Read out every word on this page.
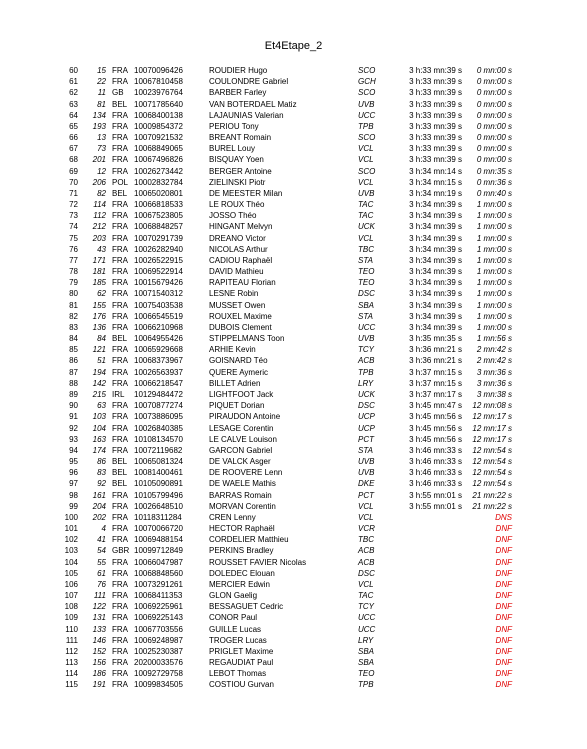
Et4Etape_2
60	15 FRA 10070096426	ROUDIER Hugo	SCO	3 h:33 mn:39 s	0 mn:00 s
61	22 FRA 10067810458	COULONDRE Gabriel	GCH	3 h:33 mn:39 s	0 mn:00 s
62	11 GB	10023976764	BARBER Farley	SCO	3 h:33 mn:39 s	0 mn:00 s
63	81 BEL 10071785640	VAN BOTERDAEL Matiz	UVB	3 h:33 mn:39 s	0 mn:00 s
64	134 FRA 10068400138	LAJAUNIAS Valerian	UCC	3 h:33 mn:39 s	0 mn:00 s
65	193 FRA 10009854372	PERIOU Tony	TPB	3 h:33 mn:39 s	0 mn:00 s
66	13 FRA 10070921532	BREANT Romain	SCO	3 h:33 mn:39 s	0 mn:00 s
67	73 FRA 10068849065	BUREL Louy	VCL	3 h:33 mn:39 s	0 mn:00 s
68	201 FRA 10067496826	BISQUAY Yoen	VCL	3 h:33 mn:39 s	0 mn:00 s
69	12 FRA 10026273442	BERGER Antoine	SCO	3 h:34 mn:14 s	0 mn:35 s
70	206 POL 10002832784	ZIELINSKI Piotr	VCL	3 h:34 mn:15 s	0 mn:36 s
71	82 BEL 10065020801	DE MEESTER Milan	UVB	3 h:34 mn:19 s	0 mn:40 s
72	114 FRA 10066818533	LE ROUX Théo	TAC	3 h:34 mn:39 s	1 mn:00 s
73	112 FRA 10067523805	JOSSO Théo	TAC	3 h:34 mn:39 s	1 mn:00 s
74	212 FRA 10068848257	HINGANT Melvyn	UCK	3 h:34 mn:39 s	1 mn:00 s
75	203 FRA 10070291739	DREANO Victor	VCL	3 h:34 mn:39 s	1 mn:00 s
76	43 FRA 10026282940	NICOLAS Arthur	TBC	3 h:34 mn:39 s	1 mn:00 s
77	171 FRA 10026522915	CADIOU Raphaël	STA	3 h:34 mn:39 s	1 mn:00 s
78	181 FRA 10069522914	DAVID Mathieu	TEO	3 h:34 mn:39 s	1 mn:00 s
79	185 FRA 10015679426	RAPITEAU Florian	TEO	3 h:34 mn:39 s	1 mn:00 s
80	62 FRA 10071540312	LESNE Robin	DSC	3 h:34 mn:39 s	1 mn:00 s
81	155 FRA 10075403538	MUSSET Owen	SBA	3 h:34 mn:39 s	1 mn:00 s
82	176 FRA 10066545519	ROUXEL Maxime	STA	3 h:34 mn:39 s	1 mn:00 s
83	136 FRA 10066210968	DUBOIS Clement	UCC	3 h:34 mn:39 s	1 mn:00 s
84	84 BEL 10064955426	STIPPELMANS Toon	UVB	3 h:35 mn:35 s	1 mn:56 s
85	121 FRA 10065929668	ARHIE Kevin	TCY	3 h:36 mn:21 s	2 mn:42 s
86	51 FRA 10068373967	GOISNARD Téo	ACB	3 h:36 mn:21 s	2 mn:42 s
87	194 FRA 10026563937	QUERE Aymeric	TPB	3 h:37 mn:15 s	3 mn:36 s
88	142 FRA 10066218547	BILLET Adrien	LRY	3 h:37 mn:15 s	3 mn:36 s
89	215 IRL	10129484472	LIGHTFOOT Jack	UCK	3 h:37 mn:17 s	3 mn:38 s
90	63 FRA 10070877274	PIQUET Dorian	DSC	3 h:45 mn:47 s	12 mn:08 s
91	103 FRA 10073886095	PIRAUDON Antoine	UCP	3 h:45 mn:56 s	12 mn:17 s
92	104 FRA 10026840385	LESAGE Corentin	UCP	3 h:45 mn:56 s	12 mn:17 s
93	163 FRA 10108134570	LE CALVE Louison	PCT	3 h:45 mn:56 s	12 mn:17 s
94	174 FRA 10072119682	GARCON Gabriel	STA	3 h:46 mn:33 s	12 mn:54 s
95	86 BEL 10065081324	DE VALCK Asger	UVB	3 h:46 mn:33 s	12 mn:54 s
96	83 BEL 10081400461	DE ROOVERE Lenn	UVB	3 h:46 mn:33 s	12 mn:54 s
97	92 BEL 10105090891	DE WAELE Mathis	DKE	3 h:46 mn:33 s	12 mn:54 s
98	161 FRA 10105799496	BARRAS Romain	PCT	3 h:55 mn:01 s	21 mn:22 s
99	204 FRA 10026648510	MORVAN Corentin	VCL	3 h:55 mn:01 s	21 mn:22 s
100	202 FRA 10118311284	CREN Lenny	VCL	DNS
101	4 FRA 10070066720	HECTOR Raphaël	VCR	DNF
102	41 FRA 10069488154	CORDELIER Matthieu	TBC	DNF
103	54 GBR 10099712849	PERKINS Bradley	ACB	DNF
104	55 FRA 10066047987	ROUSSET FAVIER Nicolas	ACB	DNF
105	61 FRA 10068848560	DOLEDEC Elouan	DSC	DNF
106	76 FRA 10073291261	MERCIER Edwin	VCL	DNF
107	111 FRA 10068411353	GLON Gaelig	TAC	DNF
108	122 FRA 10069225961	BESSAGUET Cedric	TCY	DNF
109	131 FRA 10069225143	CONOR Paul	UCC	DNF
110	133 FRA 10067703556	GUILLE Lucas	UCC	DNF
111	146 FRA 10069248987	TROGER Lucas	LRY	DNF
112	152 FRA 10025230387	PRIGLET Maxime	SBA	DNF
113	156 FRA 20200033576	REGAUDIAT Paul	SBA	DNF
114	186 FRA 10092729758	LEBOT Thomas	TEO	DNF
115	191 FRA 10099834505	COSTIOU Gurvan	TPB	DNF
